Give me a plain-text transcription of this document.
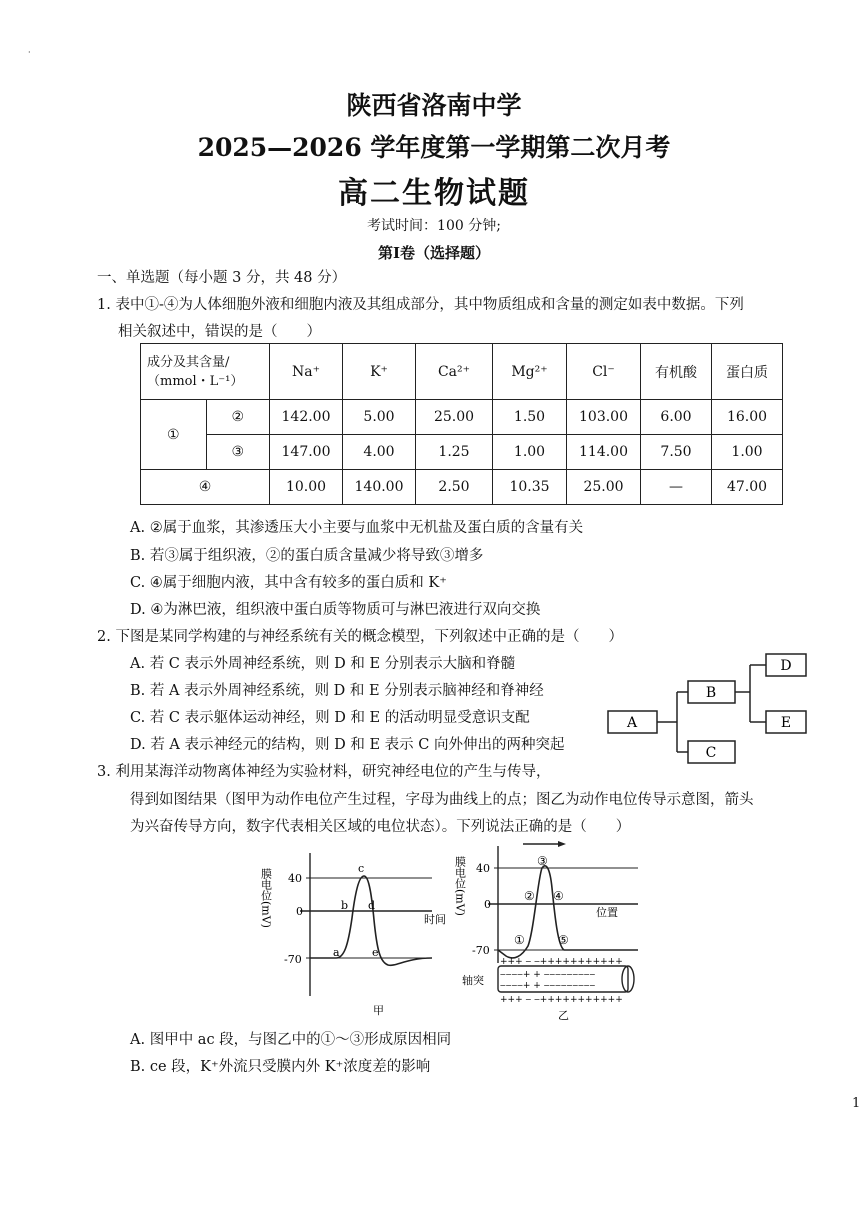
·
陕西省洛南中学
2025—2026 学年度第一学期第二次月考
高二生物试题
考试时间：100 分钟;
第Ⅰ卷（选择题）
一、单选题（每小题 3 分，共 48 分）
1. 表中①-④为人体细胞外液和细胞内液及其组成部分，其中物质组成和含量的测定如表中数据。下列
相关叙述中，错误的是（　　）
成分及其含量/
（mmol・L⁻¹）		Na⁺	K⁺	Ca²⁺	Mg²⁺	Cl⁻	有机酸	蛋白质
①	②	142.00	5.00	25.00	1.50	103.00	6.00	16.00
	③	147.00	4.00	1.25	1.00	114.00	7.50	1.00
④		10.00	140.00	2.50	10.35	25.00	—	47.00
A. ②属于血浆，其渗透压大小主要与血浆中无机盐及蛋白质的含量有关
B. 若③属于组织液，②的蛋白质含量减少将导致③增多
C. ④属于细胞内液，其中含有较多的蛋白质和 K⁺
D. ④为淋巴液，组织液中蛋白质等物质可与淋巴液进行双向交换
2. 下图是某同学构建的与神经系统有关的概念模型，下列叙述中正确的是（　　）
A. 若 C 表示外周神经系统，则 D 和 E 分别表示大脑和脊髓
B. 若 A 表示外周神经系统，则 D 和 E 分别表示脑神经和脊神经
C. 若 C 表示躯体运动神经，则 D 和 E 的活动明显受意识支配
D. 若 A 表示神经元的结构，则 D 和 E 表示 C 向外伸出的两种突起
A
B
C
D
E
3. 利用某海洋动物离体神经为实验材料，研究神经电位的产生与传导，
得到如图结果（图甲为动作电位产生过程，字母为曲线上的点；图乙为动作电位传导示意图，箭头
为兴奋传导方向，数字代表相关区域的电位状态）。下列说法正确的是（　　）
膜电位(mV) 40
0
-70
时间
a
b
c
d
e
甲
膜电位(mV) 40
0
-70
位置
①
②
③
④
⑤
轴突
+++ ‒ ‒+++++++++++
‒‒‒‒+ + ‒‒‒‒‒‒‒‒‒
‒‒‒‒+ + ‒‒‒‒‒‒‒‒‒
+++ ‒ ‒+++++++++++
乙
A. 图甲中 ac 段，与图乙中的①～③形成原因相同
B. ce 段，K⁺外流只受膜内外 K⁺浓度差的影响
1
